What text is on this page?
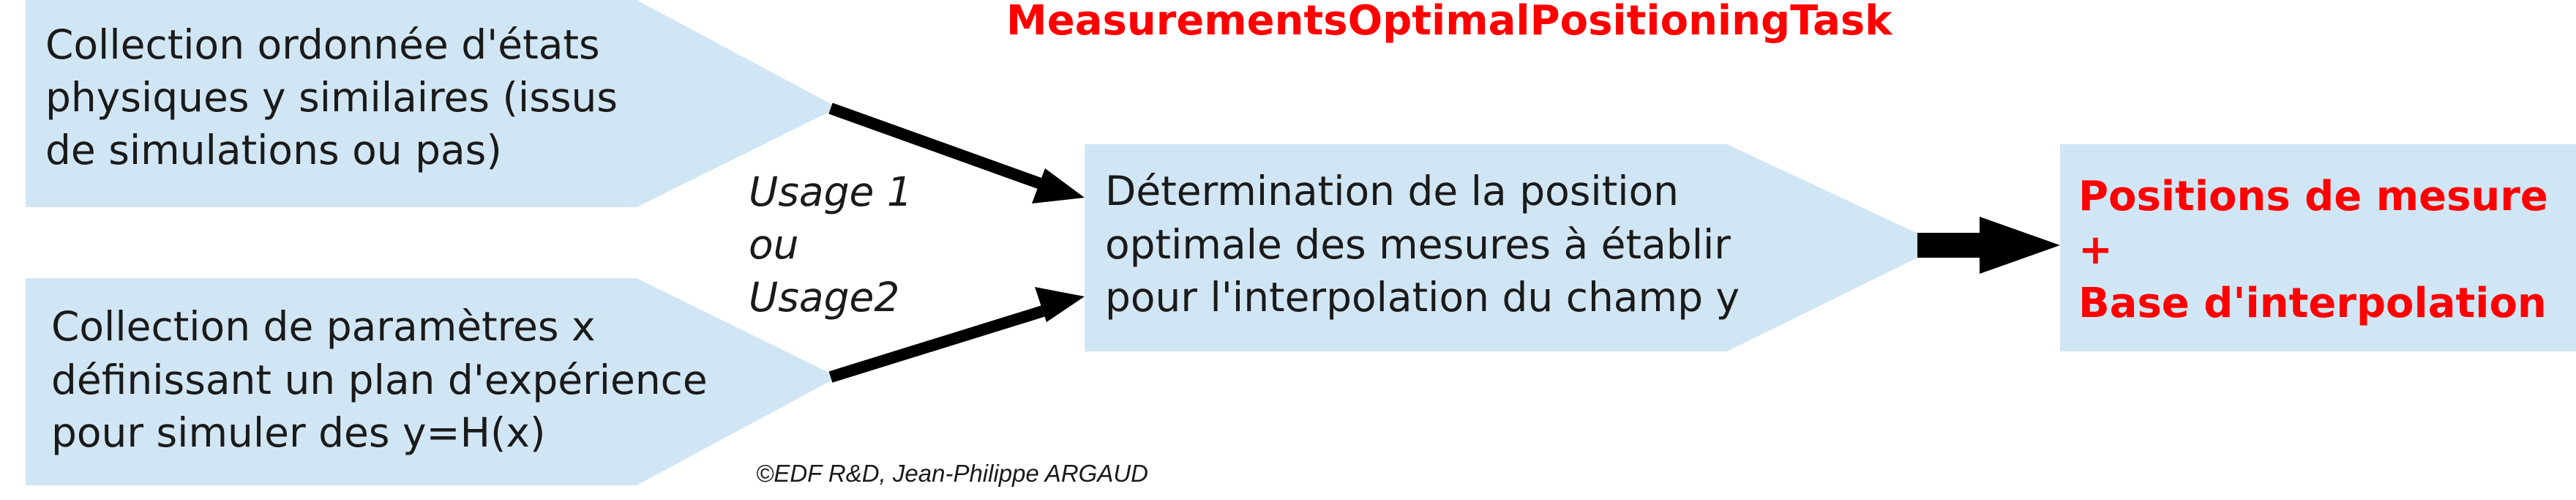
MeasurementsOptimalPositioningTask
Collection ordonnée d'états physiques y similaires (issus de simulations ou pas)
Collection de paramètres x définissant un plan d'expérience pour simuler des y=H(x)
Usage 1 ou Usage2
Détermination de la position optimale des mesures à établir pour l'interpolation du champ y
Positions de mesure + Base d'interpolation
©EDF R&D, Jean-Philippe ARGAUD
